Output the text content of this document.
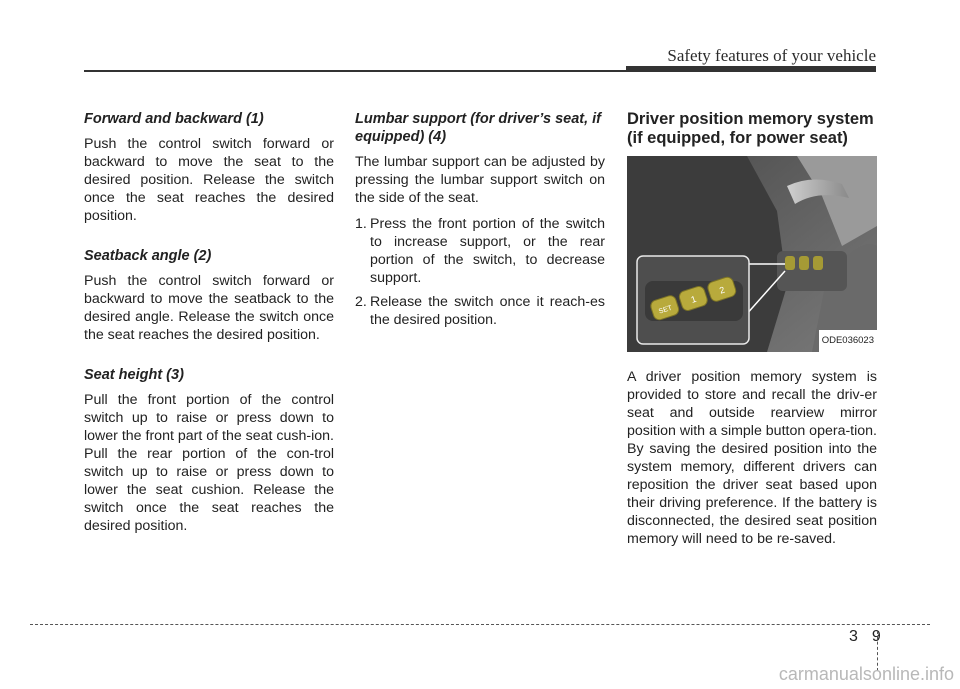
Safety features of your vehicle
Forward and backward (1)

Push the control switch forward or backward to move the seat to the desired position. Release the switch once the seat reaches the desired position.

Seatback angle (2)

Push the control switch forward or backward to move the seatback to the desired angle. Release the switch once the seat reaches the desired position.

Seat height (3)

Pull the front portion of the control switch up to raise or press down to lower the front part of the seat cush-ion. Pull the rear portion of the con-trol switch up to raise or press down to lower the seat cushion. Release the switch once the seat reaches the desired position.

Lumbar support (for driver’s seat, if equipped) (4)

The lumbar support can be adjusted by pressing the lumbar support switch on the side of the seat.

1. Press the front portion of the switch to increase support, or the rear portion of the switch, to decrease support.
2. Release the switch once it reach-es the desired position.
Driver position memory system (if equipped, for power seat)
SET
1
2
ODE036023

A driver position memory system is provided to store and recall the driv-er seat and outside rearview mirror position with a simple button opera-tion. By saving the desired position into the system memory, different drivers can reposition the driver seat based upon their driving preference. If the battery is disconnected, the desired seat position memory will need to be re-saved.

3 9
carmanualsonline.info
